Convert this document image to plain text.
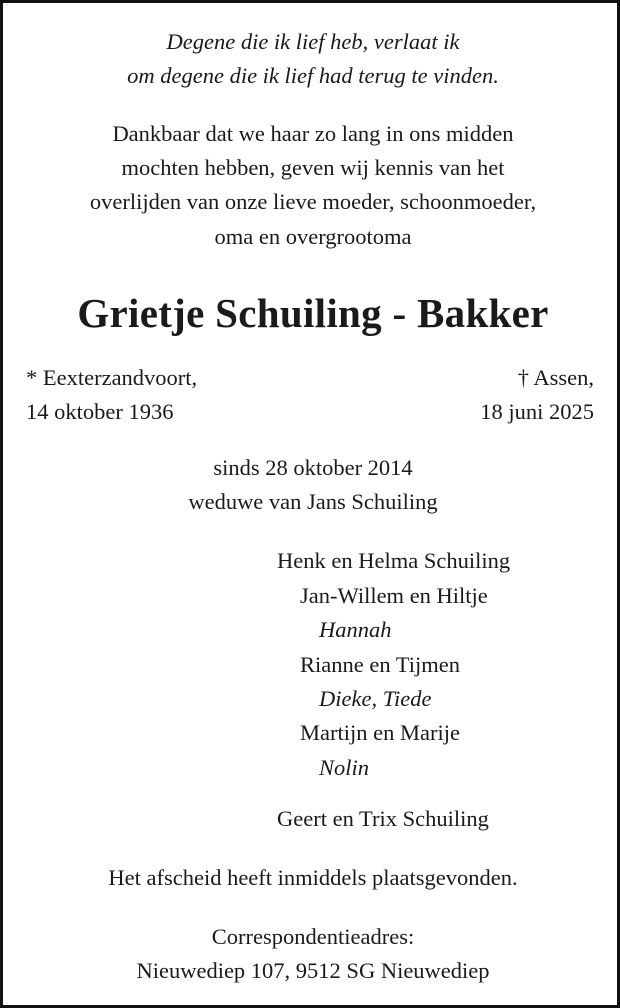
Degene die ik lief heb, verlaat ik

om degene die ik lief had terug te vinden.

Dankbaar dat we haar zo lang in ons midden

mochten hebben, geven wij kennis van het

overlijden van onze lieve moeder, schoonmoeder,

oma en overgrootoma

Grietje Schuiling - Bakker

* Eexterzandvoort,

14 oktober 1936

† Assen,

18 juni 2025

sinds 28 oktober 2014

weduwe van Jans Schuiling

Henk en Helma Schuiling

Jan-Willem en Hiltje

Hannah

Rianne en Tijmen

Dieke, Tiede

Martijn en Marije

Nolin

Geert en Trix Schuiling

Het afscheid heeft inmiddels plaatsgevonden.

Correspondentieadres:

Nieuwediep 107, 9512 SG Nieuwediep
